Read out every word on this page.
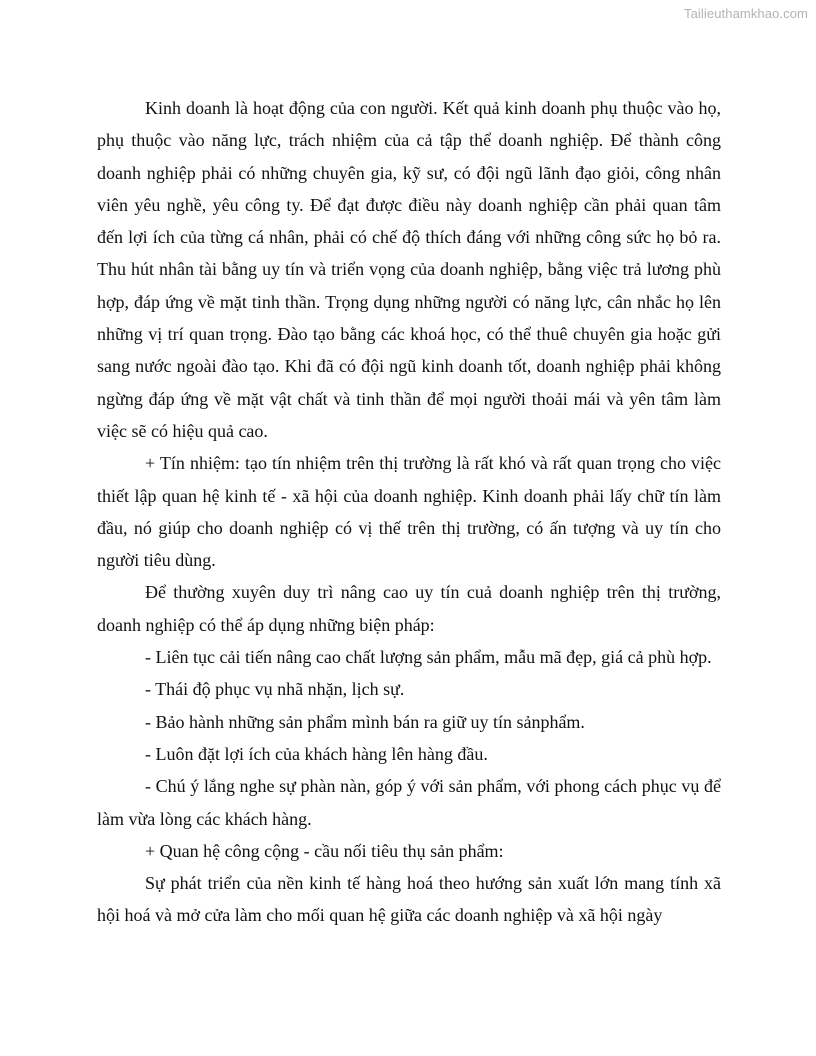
Tailieuthamkhao.com

Kinh doanh là hoạt động của con người. Kết quả kinh doanh phụ thuộc vào họ, phụ thuộc vào năng lực, trách nhiệm của cả tập thể doanh nghiệp. Để thành công doanh nghiệp phải có những chuyên gia, kỹ sư, có đội ngũ lãnh đạo giỏi, công nhân viên yêu nghề, yêu công ty. Để đạt được điều này doanh nghiệp cần phải quan tâm đến lợi ích của từng cá nhân, phải có chế độ thích đáng với những công sức họ bỏ ra. Thu hút nhân tài bằng uy tín và triển vọng của doanh nghiệp, bằng việc trả lương phù hợp, đáp ứng về mặt tinh thần. Trọng dụng những người có năng lực, cân nhắc họ lên những vị trí quan trọng. Đào tạo bằng các khoá học, có thể thuê chuyên gia hoặc gửi sang nước ngoài đào tạo. Khi đã có đội ngũ kinh doanh tốt, doanh nghiệp phải không ngừng đáp ứng về mặt vật chất và tinh thần để mọi người thoải mái và yên tâm làm việc sẽ có hiệu quả cao.

+ Tín nhiệm: tạo tín nhiệm trên thị trường là rất khó và rất quan trọng cho việc thiết lập quan hệ kinh tế - xã hội của doanh nghiệp. Kinh doanh phải lấy chữ tín làm đầu, nó giúp cho doanh nghiệp có vị thế trên thị trường, có ấn tượng và uy tín cho người tiêu dùng.

Để thường xuyên duy trì nâng cao uy tín cuả doanh nghiệp trên thị trường, doanh nghiệp có thể áp dụng những biện pháp:

- Liên tục cải tiến nâng cao chất lượng sản phẩm, mẫu mã đẹp, giá cả phù hợp.

- Thái độ phục vụ nhã nhặn, lịch sự.

- Bảo hành những sản phẩm mình bán ra giữ uy tín sảnphẩm.

- Luôn đặt lợi ích của khách hàng lên hàng đầu.

- Chú ý lắng nghe sự phàn nàn, góp ý với sản phẩm, với phong cách phục vụ để làm vừa lòng các khách hàng.

+ Quan hệ công cộng - cầu nối tiêu thụ sản phẩm:

Sự phát triển của nền kinh tế hàng hoá theo hướng sản xuất lớn mang tính xã hội hoá và mở cửa làm cho mối quan hệ giữa các doanh nghiệp và xã hội ngày
